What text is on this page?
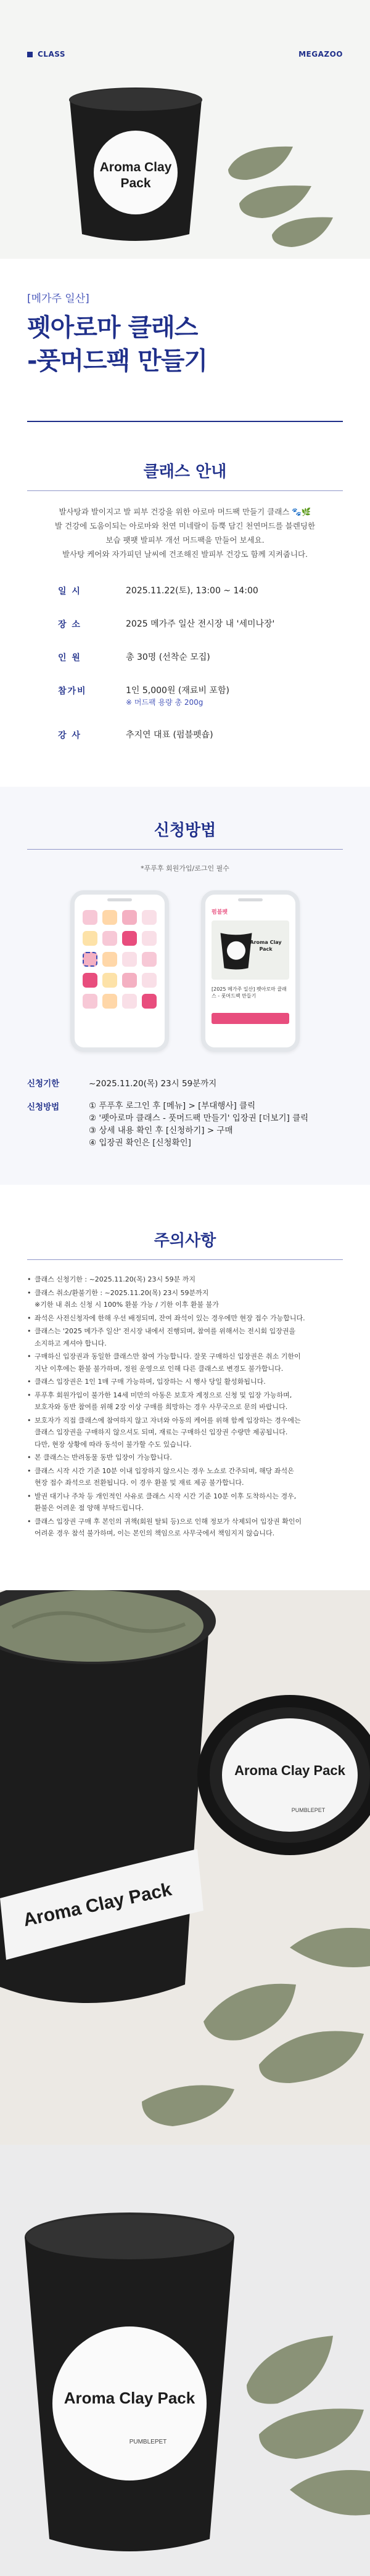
CLASS	MEGAZOO
Aroma Clay
Pack
[메가주 일산]
펫아로마 클래스
-풋머드팩 만들기
클래스 안내

발사탕과 발이지고 발 피부 건강을 위한 아로마 머드팩 만들기 클래스 🐾🌿

발 건강에 도움이되는 아로마와 천연 미네랄이 듬뿍 담긴 천연머드를 블렌딩한

보습 팻팻 발피부 개선 머드팩을 만들어 보세요.

발사탕 케어와 자가피던 날씨에 건조해진 발피부 건강도 함께 지켜줍니다.

일 시	2025.11.22(토), 13:00 ~ 14:00
장 소	2025 메가주 일산 전시장 내 '세미나장'
인 원	총 30명 (선착순 모집)
참가비	1인 5,000원 (재료비 포함)
※ 머드팩 용량 총 200g
강 사	추지연 대표 (펌블펫숍)
신청방법
*푸푸후 회원가입/로그인 필수
펌블펫
Aroma Clay Pack
[2025 메가주 일산] 펫아로마 클래스 - 풋머드팩 만들기
신청기한	~2025.11.20(목) 23시 59분까지
신청방법	① 푸푸후 로그인 후 [메뉴] > [부대행사] 클릭
② '펫아로마 클래스 - 풋머드팩 만들기' 입장권 [더보기] 클릭
③ 상세 내용 확인 후 [신청하기] > 구매
④ 입장권 확인은 [신청확인]
주의사항
• 클래스 신청기한 : ~2025.11.20(목) 23시 59분 까지
• 클래스 취소/환불기한 : ~2025.11.20(목) 23시 59분까지
※기한 내 취소 신청 시 100% 환불 가능 / 기한 이후 환불 불가
• 좌석은 사전신청자에 한해 우선 배정되며, 잔여 좌석이 있는 경우에만 현장 접수 가능합니다.
• 클래스는 '2025 메가주 일산' 전시장 내에서 진행되며, 참여를 위해서는 전시회 입장권을
소지하고 계셔야 합니다.
• 구매하신 입장권과 동일한 클래스만 참여 가능합니다. 잘못 구매하신 입장권은 취소 기한이
지난 이후에는 환불 불가하며, 정원 운영으로 인해 다른 클래스로 변경도 불가합니다.
• 클래스 입장권은 1인 1매 구매 가능하며, 입장하는 시 행사 당일 활성화됩니다.
• 푸푸후 회원가입이 불가한 14세 미만의 아동은 보호자 계정으로 신청 및 입장 가능하며,
보호자와 동반 참여를 위해 2장 이상 구매를 희망하는 경우 사무국으로 문의 바랍니다.
• 보호자가 직접 클래스에 참여하지 않고 자녀와 아동의 케어를 위해 함께 입장하는 경우에는
클래스 입장권을 구매하지 않으셔도 되며, 재료는 구매하신 입장권 수량만 제공됩니다.
다만, 현장 상황에 따라 동석이 불가할 수도 있습니다.
• 본 클래스는 반려동물 동반 입장이 가능합니다.
• 클래스 시작 시간 기준 10분 이내 입장하지 않으시는 경우 노쇼로 간주되며, 해당 좌석은
현장 접수 좌석으로 전환됩니다. 이 경우 환불 및 재료 제공 불가합니다.
• 발권 대기나 주차 등 개인적인 사유로 클래스 시작 시간 기준 10분 이후 도착하시는 경우,
환불은 어려운 점 양해 부탁드립니다.
• 클래스 입장권 구매 후 본인의 귀책(회원 탈퇴 등)으로 인해 정보가 삭제되어 입장권 확인이
어려운 경우 참석 불가하며, 이는 본인의 책임으로 사무국에서 책임지지 않습니다.
Aroma Clay Pack
Aroma Clay Pack
PUMBLEPET
Aroma Clay Pack
PUMBLEPET
